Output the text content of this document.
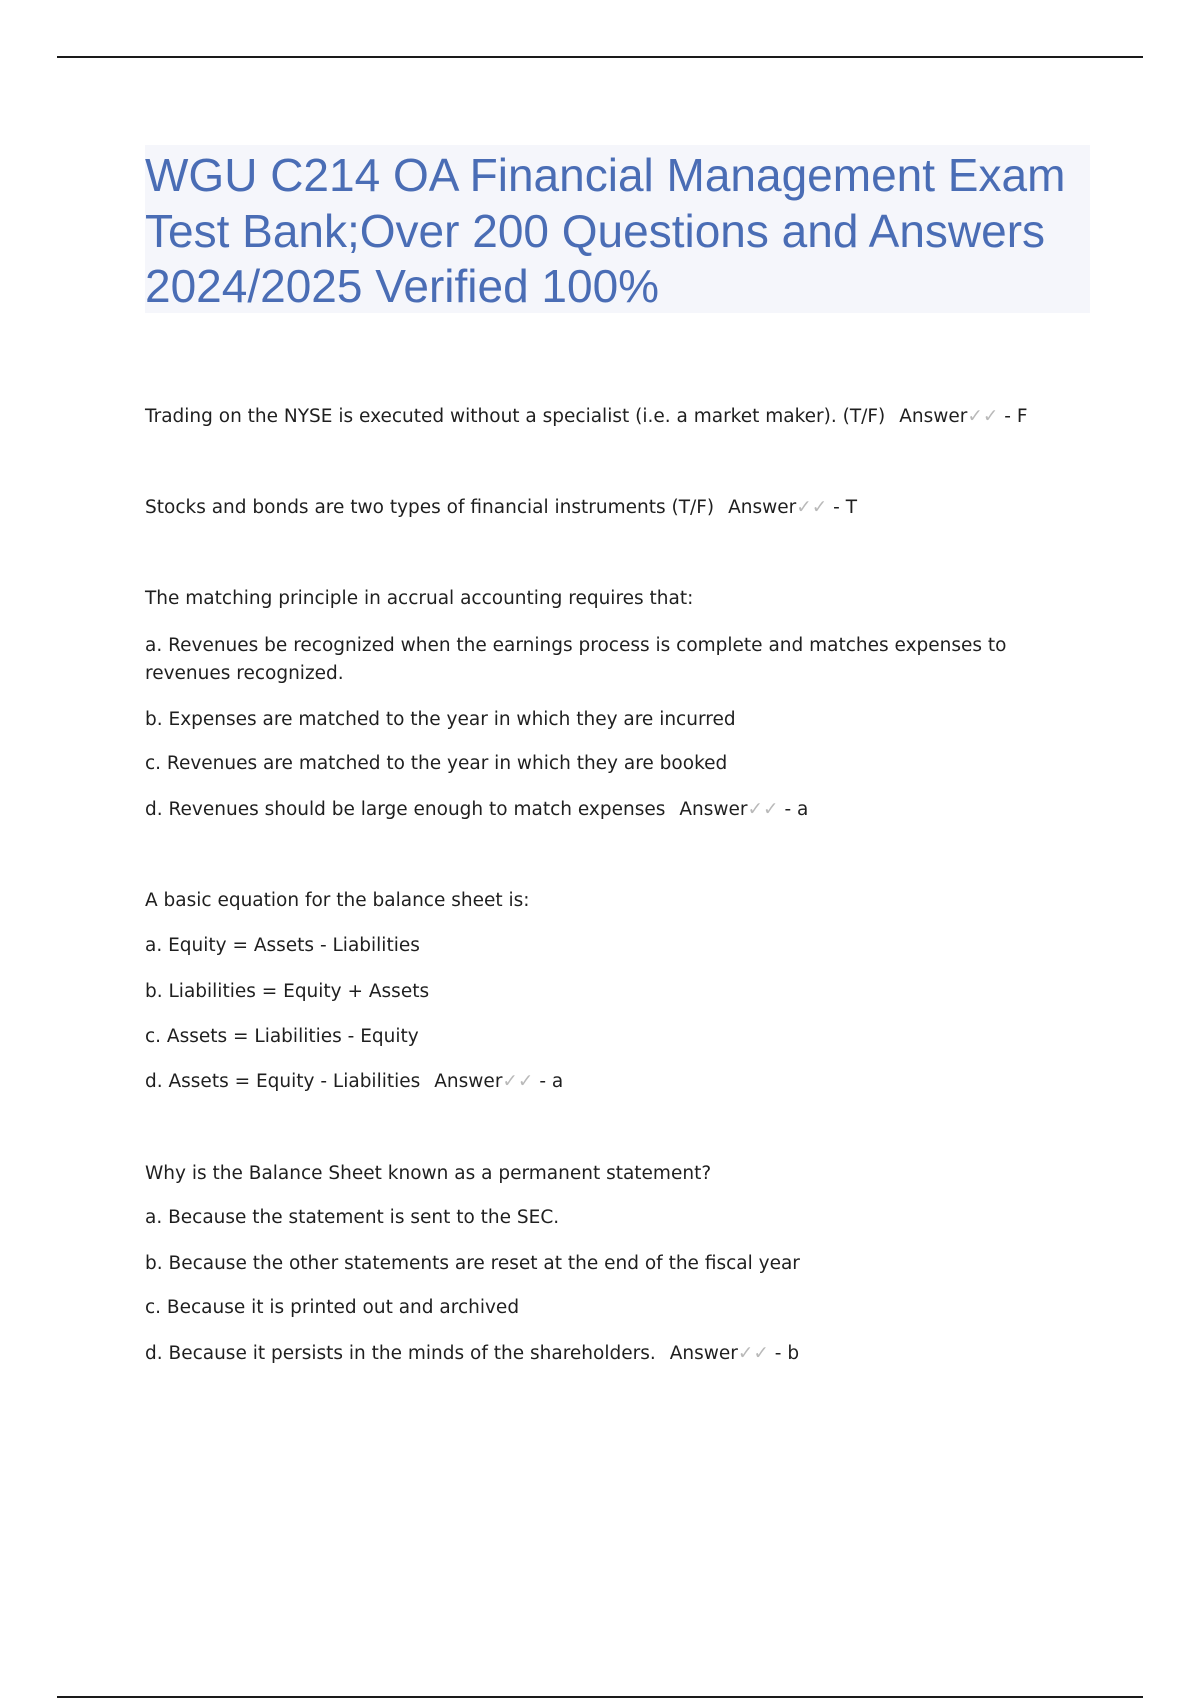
WGU C214 OA Financial Management Exam Test Bank;Over 200 Questions and Answers 2024/2025 Verified 100%

Trading on the NYSE is executed without a specialist (i.e. a market maker). (T/F) Answer✓✓ - F

Stocks and bonds are two types of financial instruments (T/F) Answer✓✓ - T

The matching principle in accrual accounting requires that:

a. Revenues be recognized when the earnings process is complete and matches expenses to revenues recognized.

b. Expenses are matched to the year in which they are incurred

c. Revenues are matched to the year in which they are booked

d. Revenues should be large enough to match expenses Answer✓✓ - a

A basic equation for the balance sheet is:

a. Equity = Assets - Liabilities

b. Liabilities = Equity + Assets

c. Assets = Liabilities - Equity

d. Assets = Equity - Liabilities Answer✓✓ - a

Why is the Balance Sheet known as a permanent statement?

a. Because the statement is sent to the SEC.

b. Because the other statements are reset at the end of the fiscal year

c. Because it is printed out and archived

d. Because it persists in the minds of the shareholders. Answer✓✓ - b
